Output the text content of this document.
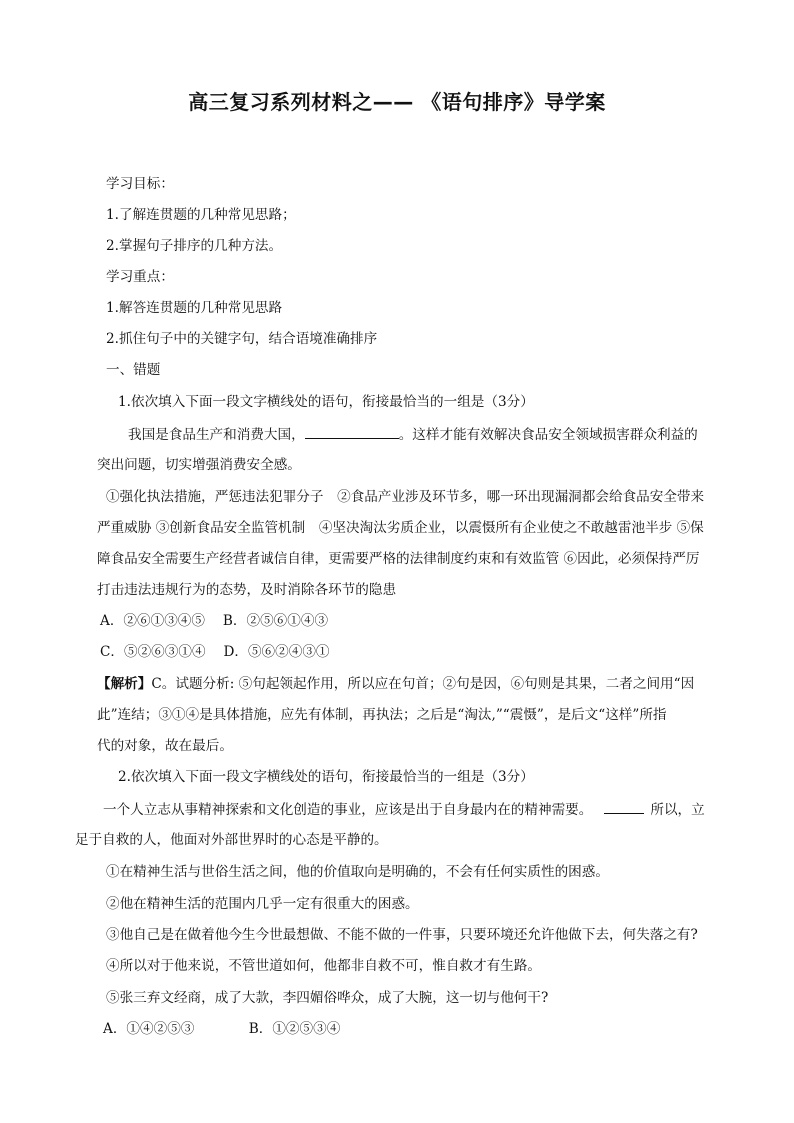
高三复习系列材料之—— 《语句排序》导学案
学习目标：
1.了解连贯题的几种常见思路；
2.掌握句子排序的几种方法。
学习重点：
1.解答连贯题的几种常见思路
2.抓住句子中的关键字句，结合语境准确排序
一、错题
1.依次填入下面一段文字横线处的语句，衔接最恰当的一组是（3分）
我国是食品生产和消费大国，	。这样才能有效解决食品安全领域损害群众利益的
突出问题，切实增强消费安全感。
①强化执法措施，严惩违法犯罪分子　②食品产业涉及环节多，哪一环出现漏洞都会给食品安全带来
严重威胁 ③创新食品安全监管机制　④坚决淘汰劣质企业，以震慑所有企业使之不敢越雷池半步 ⑤保
障食品安全需要生产经营者诚信自律，更需要严格的法律制度约束和有效监管 ⑥因此，必须保持严厉
打击违法违规行为的态势，及时消除各环节的隐患
A．②⑥①③④⑤　 B．②⑤⑥①④③
C．⑤②⑥③①④　 D．⑤⑥②④③①
【解析】C。试题分析: ⑤句起领起作用，所以应在句首；②句是因，⑥句则是其果，二者之间用“因
此”连结；③①④是具体措施，应先有体制，再执法；之后是“淘汰,”“震慑”，是后文“这样”所指
代的对象，故在最后。
2.依次填入下面一段文字横线处的语句，衔接最恰当的一组是（3分）
一个人立志从事精神探索和文化创造的事业，应该是出于自身最内在的精神需要。	所以，立
足于自救的人，他面对外部世界时的心态是平静的。
①在精神生活与世俗生活之间，他的价值取向是明确的，不会有任何实质性的困惑。
②他在精神生活的范围内几乎一定有很重大的困惑。
③他自己是在做着他今生今世最想做、不能不做的一件事，只要环境还允许他做下去，何失落之有?
④所以对于他来说，不管世道如何，他都非自救不可，惟自救才有生路。
⑤张三弃文经商，成了大款，李四媚俗哗众，成了大腕，这一切与他何干?
A．①④②⑤③　　　　B．①②⑤③④
